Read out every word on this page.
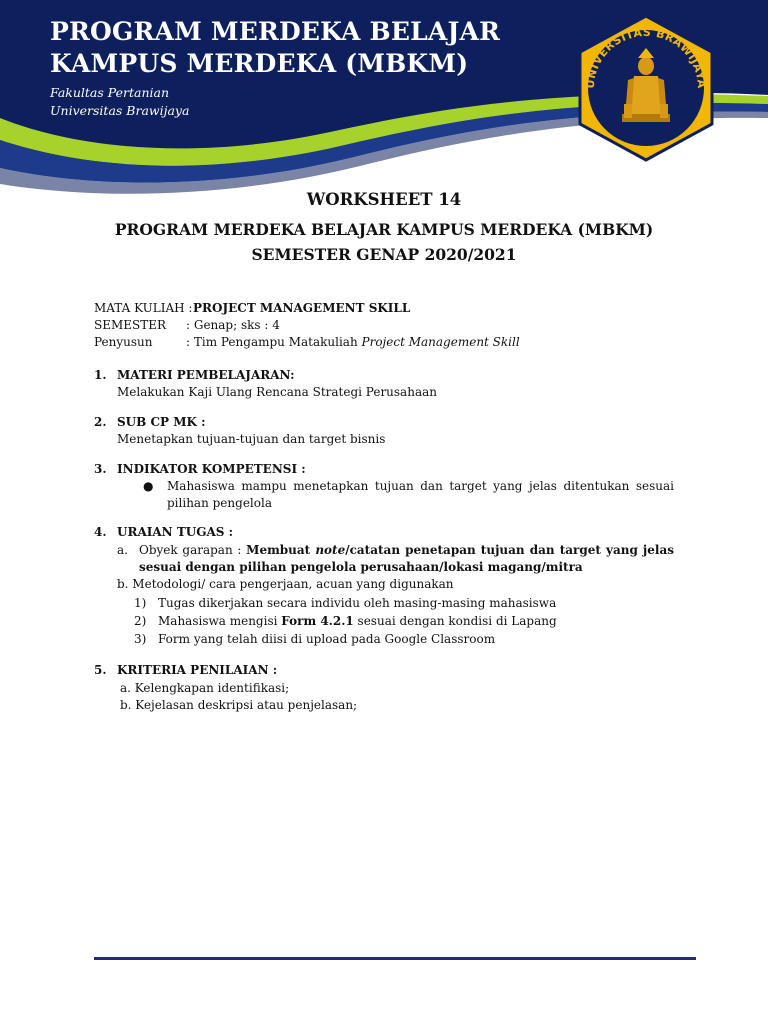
PROGRAM MERDEKA BELAJAR KAMPUS MERDEKA (MBKM)
Fakultas Pertanian
Universitas Brawijaya
UNIVERSITAS BRAWIJAYA
WORKSHEET 14
PROGRAM MERDEKA BELAJAR KAMPUS MERDEKA (MBKM)
SEMESTER GENAP 2020/2021
MATA KULIAH : PROJECT MANAGEMENT SKILL
SEMESTER : Genap; sks : 4
Penyusun	: Tim Pengampu Matakuliah Project Management Skill
1. MATERI PEMBELAJARAN:
Melakukan Kaji Ulang Rencana Strategi Perusahaan
2. SUB CP MK :
Menetapkan tujuan-tujuan dan target bisnis
3. INDIKATOR KOMPETENSI :
● Mahasiswa mampu menetapkan tujuan dan target yang jelas ditentukan sesuai
pilihan pengelola
4. URAIAN TUGAS :
a. Obyek garapan : Membuat note/catatan penetapan tujuan dan target yang jelas
sesuai dengan pilihan pengelola perusahaan/lokasi magang/mitra
b. Metodologi/ cara pengerjaan, acuan yang digunakan
1) Tugas dikerjakan secara individu oleh masing-masing mahasiswa
2) Mahasiswa mengisi Form 4.2.1 sesuai dengan kondisi di Lapang
3) Form yang telah diisi di upload pada Google Classroom
5. KRITERIA PENILAIAN :
a. Kelengkapan identifikasi;
b. Kejelasan deskripsi atau penjelasan;
